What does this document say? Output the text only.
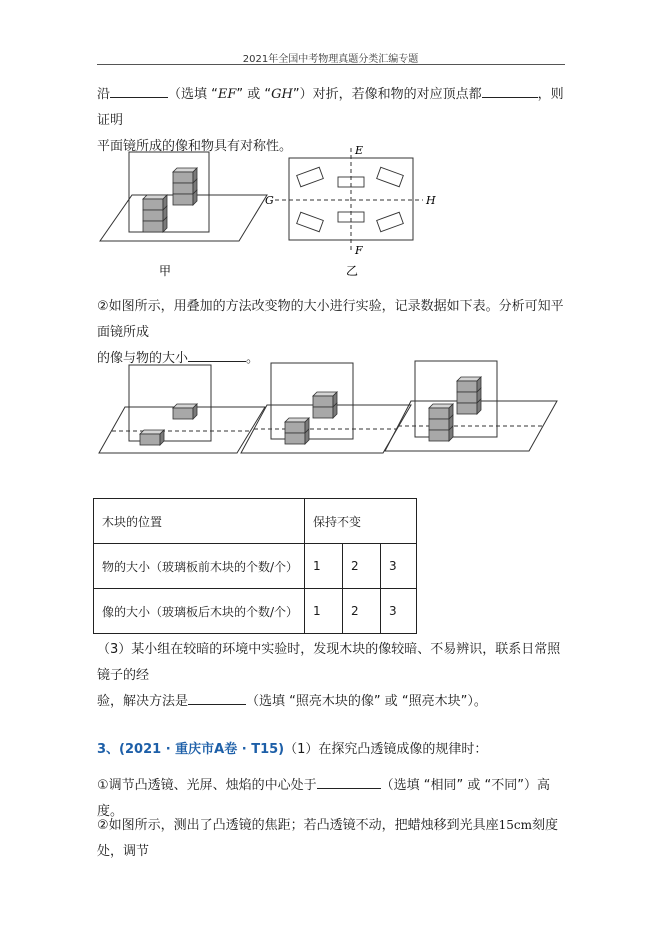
2021年全国中考物理真题分类汇编专题
沿	（选填 “EF” 或 “GH”）对折，若像和物的对应顶点都	，则证明
平面镜所成的像和物具有对称性。
甲
E
F
G	H
乙
②如图所示，用叠加的方法改变物的大小进行实验，记录数据如下表。分析可知平面镜所成
的像与物的大小	。
木块的位置	保持不变		
物的大小（玻璃板前木块的个数/个）	1	2	3
像的大小（玻璃板后木块的个数/个）	1	2	3
（3）某小组在较暗的环境中实验时，发现木块的像较暗、不易辨识，联系日常照镜子的经
验，解决方法是	（选填 “照亮木块的像” 或 “照亮木块”）。
3、(2021 · 重庆市A卷 · T15)（1）在探究凸透镜成像的规律时：
①调节凸透镜、光屏、烛焰的中心处于	（选填 “相同” 或 “不同”）高度。
②如图所示，测出了凸透镜的焦距；若凸透镜不动，把蜡烛移到光具座15cm刻度处，调节
